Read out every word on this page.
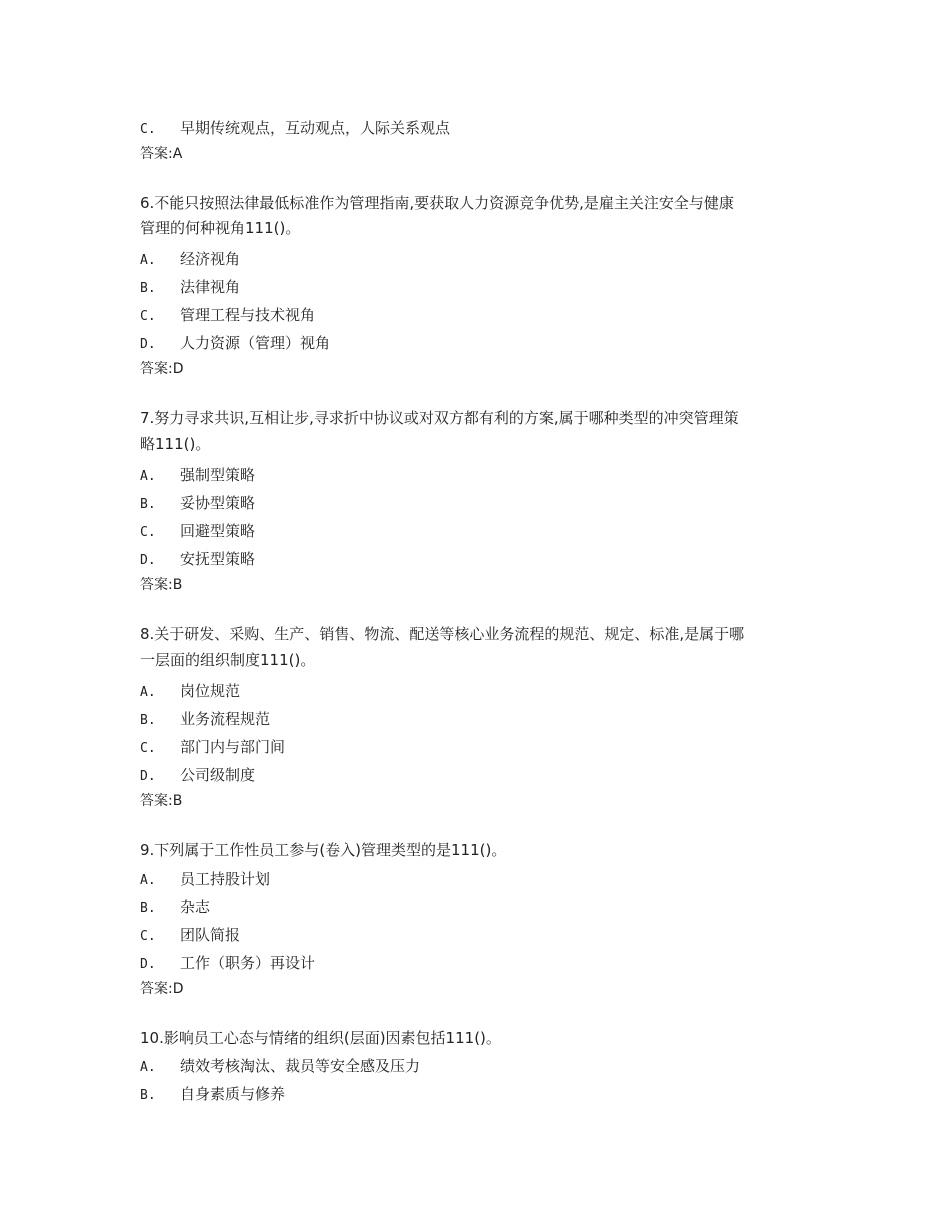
C. 早期传统观点，互动观点，人际关系观点
答案:A
6.不能只按照法律最低标准作为管理指南,要获取人力资源竞争优势,是雇主关注安全与健康
管理的何种视角111()。
A. 经济视角
B. 法律视角
C. 管理工程与技术视角
D. 人力资源（管理）视角
答案:D
7.努力寻求共识,互相让步,寻求折中协议或对双方都有利的方案,属于哪种类型的冲突管理策
略111()。
A. 强制型策略
B. 妥协型策略
C. 回避型策略
D. 安抚型策略
答案:B
8.关于研发、采购、生产、销售、物流、配送等核心业务流程的规范、规定、标准,是属于哪
一层面的组织制度111()。
A. 岗位规范
B. 业务流程规范
C. 部门内与部门间
D. 公司级制度
答案:B
9.下列属于工作性员工参与(卷入)管理类型的是111()。
A. 员工持股计划
B. 杂志
C. 团队简报
D. 工作（职务）再设计
答案:D
10.影响员工心态与情绪的组织(层面)因素包括111()。
A. 绩效考核淘汰、裁员等安全感及压力
B. 自身素质与修养
